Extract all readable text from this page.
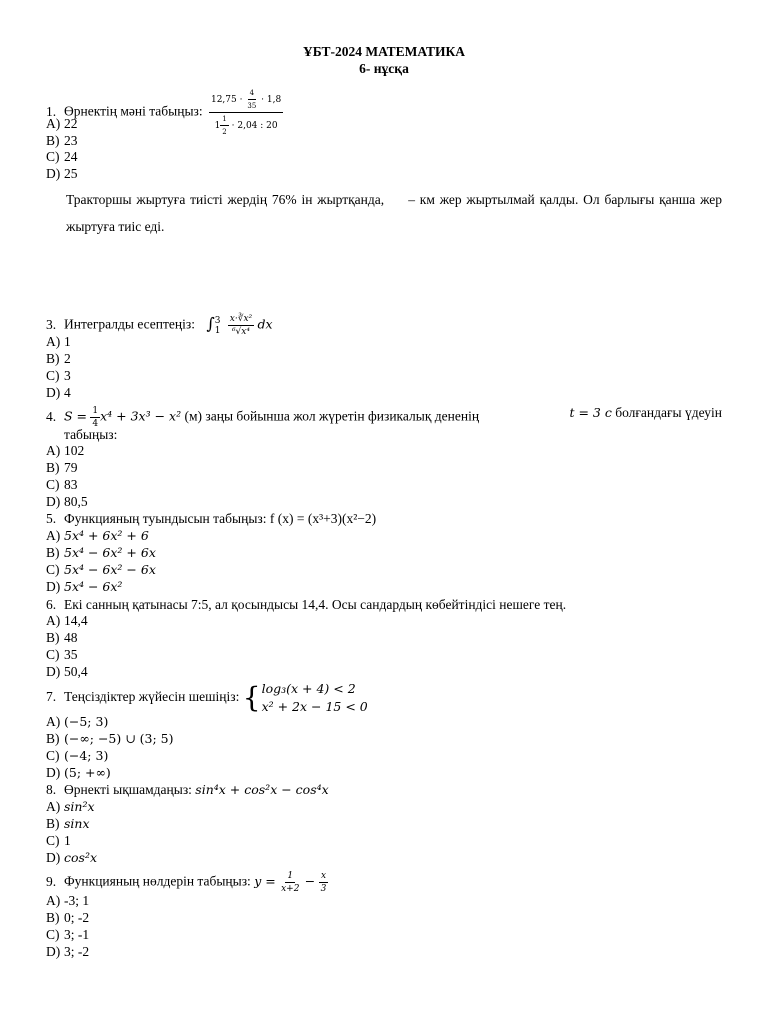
ҰБТ-2024 МАТЕМАТИКА
6- нұсқа
1. Өрнектің мәні табыңыз: $\frac{12,75 \cdot \frac{4}{35} \cdot 1,8}{1 \frac{1}{2} \cdot 2,04 : 20}$
A) 22
B) 23
C) 24
D) 25
Тракторшы жыртуға тиісті жердің 76% ін жыртқанда,     – км жер жыртылмай қалды. Ол барлығы қанша жер жыртуға тиіс еді.
3. Интегралды есептеңіз: ∫ 3
1
$\frac{\text{x·∛x²}}{\text{⁶√x⁴}}$ dx
A) 1
B) 2
C) 3
D) 4
4. $S = \frac{1}{4} x^4 + 3x^3 - x^2$ (м) заңы бойынша жол жүретін физикалық дененің	t = 3 c болғандағы үдеуін
табыңыз:
A) 102
B) 79
C) 83
D) 80,5
5. Функцияның туындысын табыңыз: f (x) = (x³+3)(x²−2)
A) 5x⁴ + 6x² + 6
B) 5x⁴ − 6x² + 6x
C) 5x⁴ − 6x² − 6x
D) 5x⁴ − 6x²
6. Екі санның қатынасы 7:5, ал қосындысы 14,4. Осы сандардың көбейтіндісі нешеге тең.
A) 14,4
B) 48
C) 35
D) 50,4
7. Теңсіздіктер жүйесін шешіңіз: { log₃(x + 4) < 2
x² + 2x − 15 < 0
A) (−5; 3)
B) (−∞; −5) ∪ (3; 5)
C) (−4; 3)
D) (5; +∞)
8. Өрнекті ықшамдаңыз: sin⁴x + cos²x − cos⁴x
A) sin²x
B) sinx
C) 1
D) cos²x
9. Функцияның нөлдерін табыңыз: $y = \frac{1}{x+2} - \frac{x}{3}$
A) -3; 1
B) 0; -2
C) 3; -1
D) 3; -2
